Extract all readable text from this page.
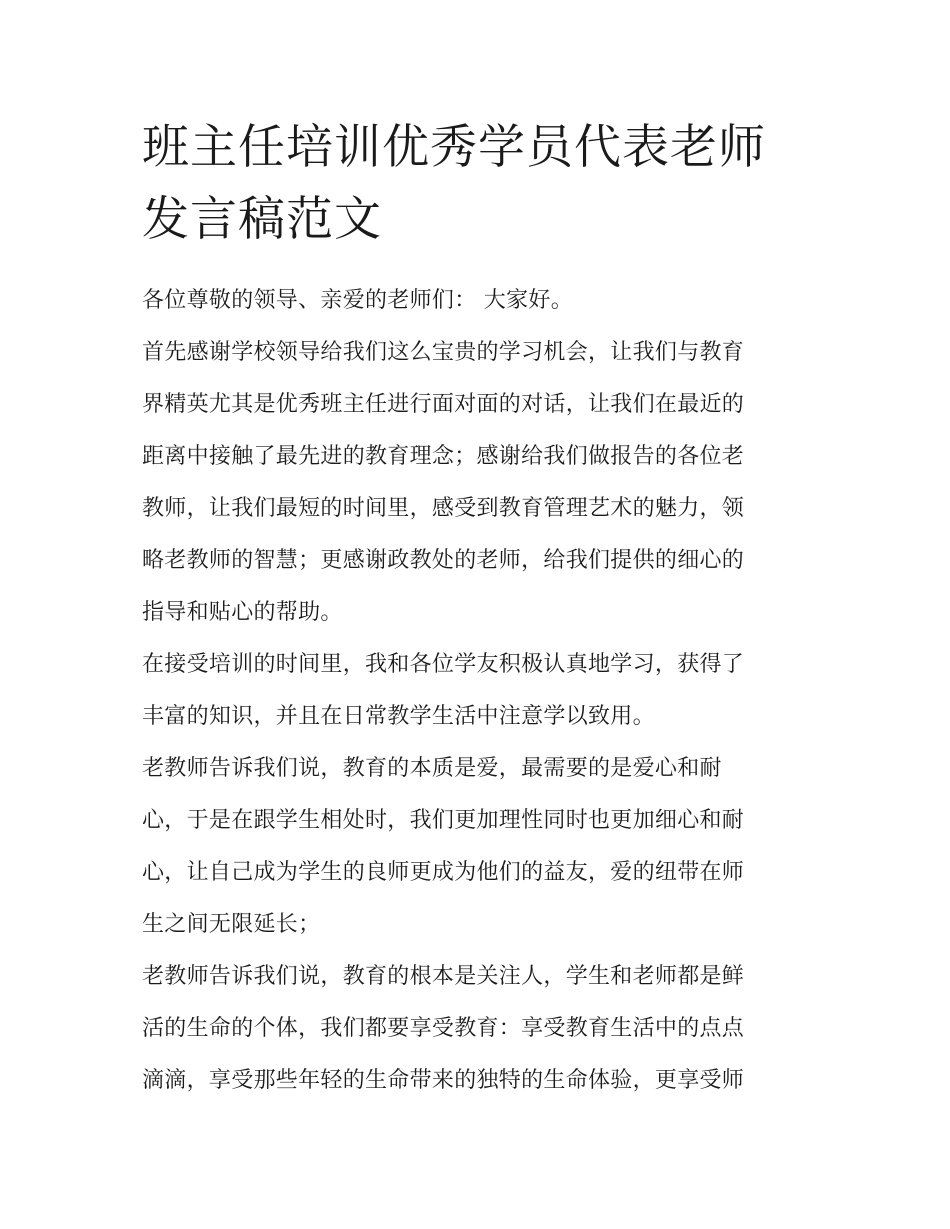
班主任培训优秀学员代表老师
发言稿范文
各位尊敬的领导、亲爱的老师们： 大家好。
首先感谢学校领导给我们这么宝贵的学习机会，让我们与教育
界精英尤其是优秀班主任进行面对面的对话，让我们在最近的
距离中接触了最先进的教育理念；感谢给我们做报告的各位老
教师，让我们最短的时间里，感受到教育管理艺术的魅力，领
略老教师的智慧；更感谢政教处的老师，给我们提供的细心的
指导和贴心的帮助。
在接受培训的时间里，我和各位学友积极认真地学习，获得了
丰富的知识，并且在日常教学生活中注意学以致用。
老教师告诉我们说，教育的本质是爱，最需要的是爱心和耐
心，于是在跟学生相处时，我们更加理性同时也更加细心和耐
心，让自己成为学生的良师更成为他们的益友，爱的纽带在师
生之间无限延长；
老教师告诉我们说，教育的根本是关注人，学生和老师都是鲜
活的生命的个体，我们都要享受教育：享受教育生活中的点点
滴滴，享受那些年轻的生命带来的独特的生命体验，更享受师
